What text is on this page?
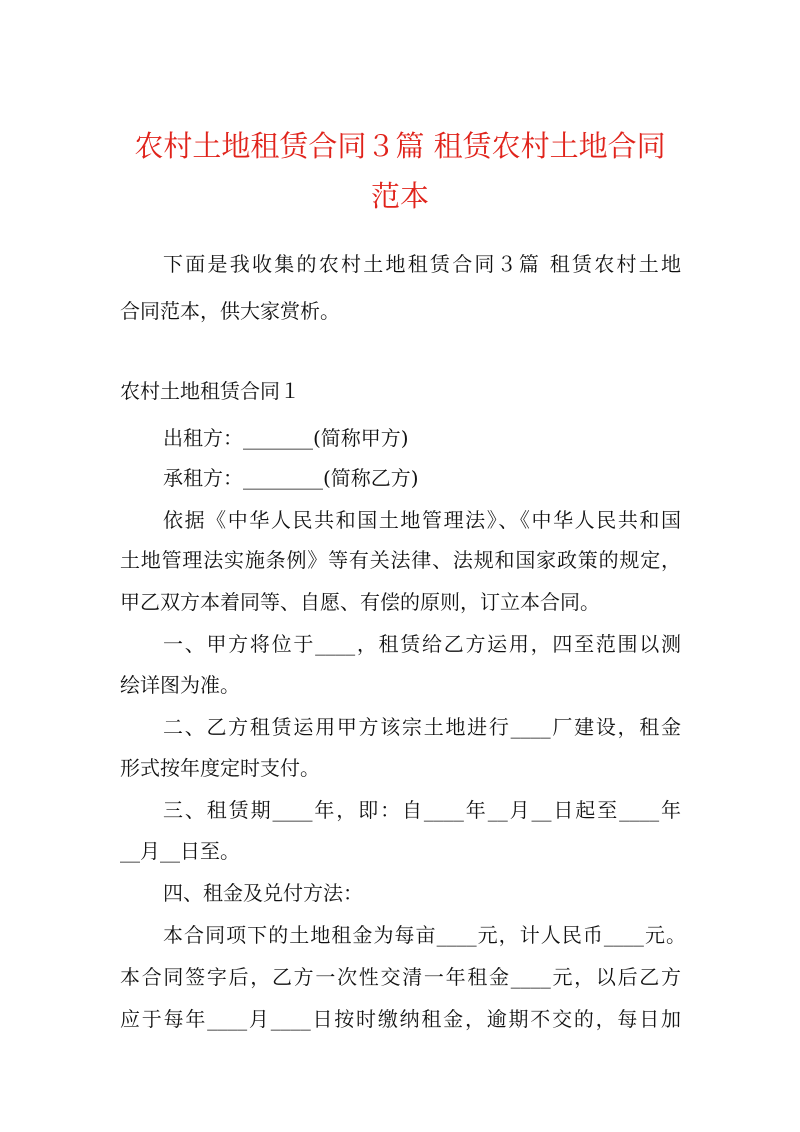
农村土地租赁合同３篇 租赁农村土地合同
范本

下面是我收集的农村土地租赁合同３篇 租赁农村土地

合同范本，供大家赏析。

农村土地租赁合同１

出租方：_______(简称甲方)

承租方：________(简称乙方)

依据《中华人民共和国土地管理法》、《中华人民共和国

土地管理法实施条例》等有关法律、法规和国家政策的规定，

甲乙双方本着同等、自愿、有偿的原则，订立本合同。

一、甲方将位于____，租赁给乙方运用，四至范围以测

绘详图为准。

二、乙方租赁运用甲方该宗土地进行____厂建设，租金

形式按年度定时支付。

三、租赁期____年，即：自____年__月__日起至____年

__月__日至。

四、租金及兑付方法：

本合同项下的土地租金为每亩____元，计人民币____元。

本合同签字后，乙方一次性交清一年租金____元，以后乙方

应于每年____月____日按时缴纳租金，逾期不交的，每日加
